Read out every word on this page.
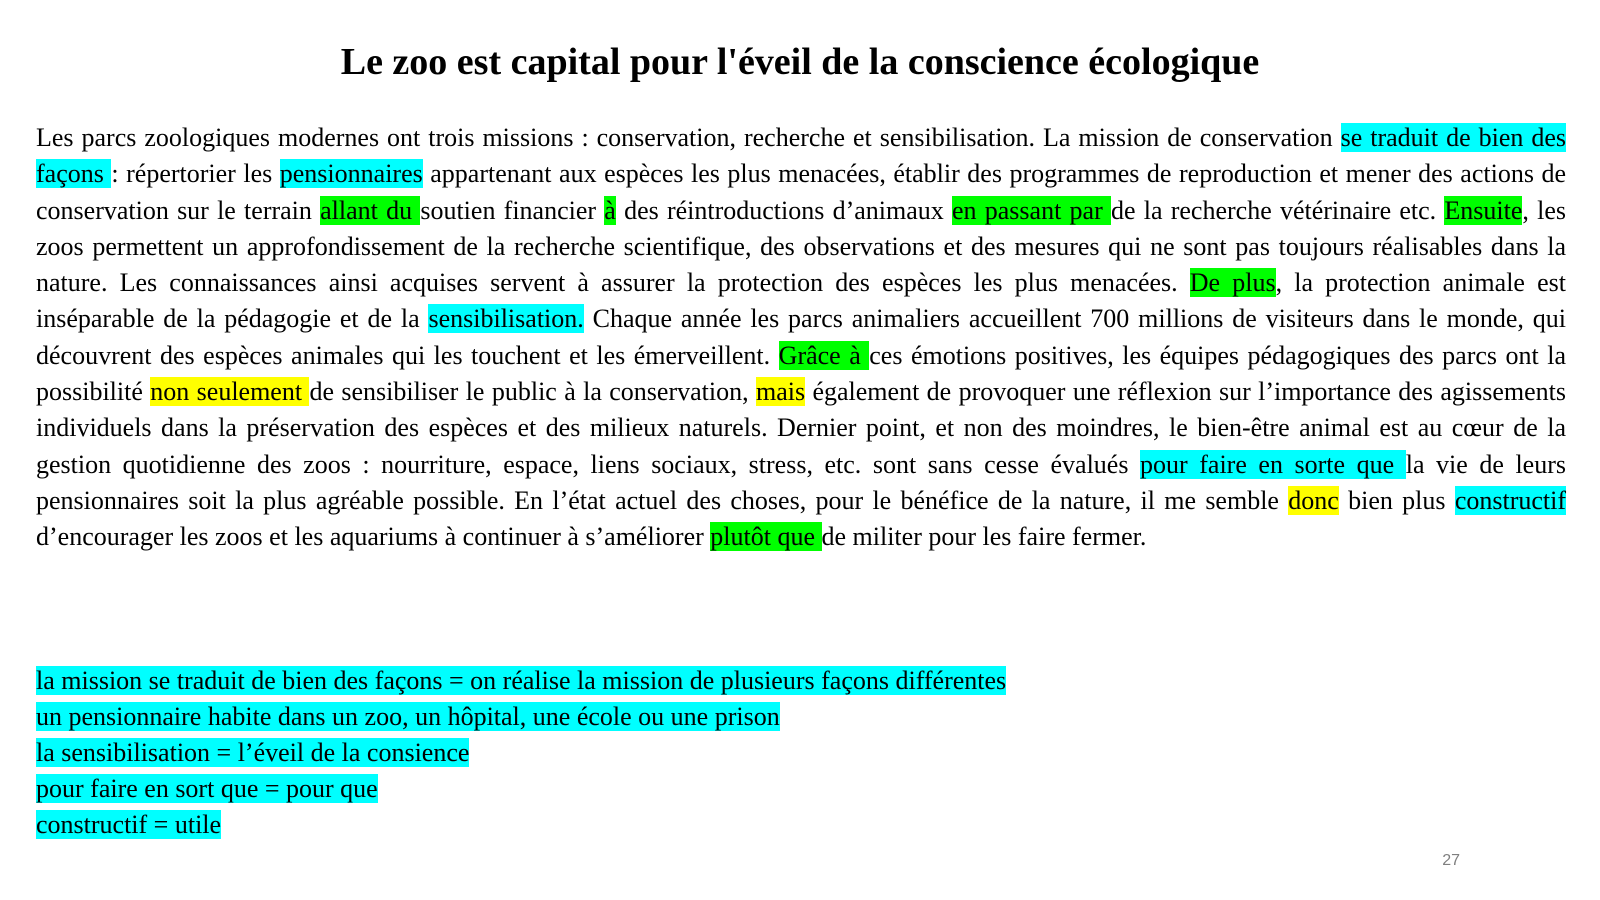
Le zoo est capital pour l'éveil de la conscience écologique
Les parcs zoologiques modernes ont trois missions : conservation, recherche et sensibilisation. La mission de conservation se traduit de bien des façons : répertorier les pensionnaires appartenant aux espèces les plus menacées, établir des programmes de reproduction et mener des actions de conservation sur le terrain allant du soutien financier à des réintroductions d’animaux en passant par de la recherche vétérinaire etc. Ensuite, les zoos permettent un approfondissement de la recherche scientifique, des observations et des mesures qui ne sont pas toujours réalisables dans la nature. Les connaissances ainsi acquises servent à assurer la protection des espèces les plus menacées. De plus, la protection animale est inséparable de la pédagogie et de la sensibilisation. Chaque année les parcs animaliers accueillent 700 millions de visiteurs dans le monde, qui découvrent des espèces animales qui les touchent et les émerveillent. Grâce à ces émotions positives, les équipes pédagogiques des parcs ont la possibilité non seulement de sensibiliser le public à la conservation, mais également de provoquer une réflexion sur l’importance des agissements individuels dans la préservation des espèces et des milieux naturels. Dernier point, et non des moindres, le bien-être animal est au cœur de la gestion quotidienne des zoos : nourriture, espace, liens sociaux, stress, etc. sont sans cesse évalués pour faire en sorte que la vie de leurs pensionnaires soit la plus agréable possible. En l’état actuel des choses, pour le bénéfice de la nature, il me semble donc bien plus constructif d’encourager les zoos et les aquariums à continuer à s’améliorer plutôt que de militer pour les faire fermer.
la mission se traduit de bien des façons = on réalise la mission de plusieurs façons différentes
un pensionnaire habite dans un zoo, un hôpital, une école ou une prison
la sensibilisation = l’éveil de la consience
pour faire en sort que = pour que
constructif = utile
27
